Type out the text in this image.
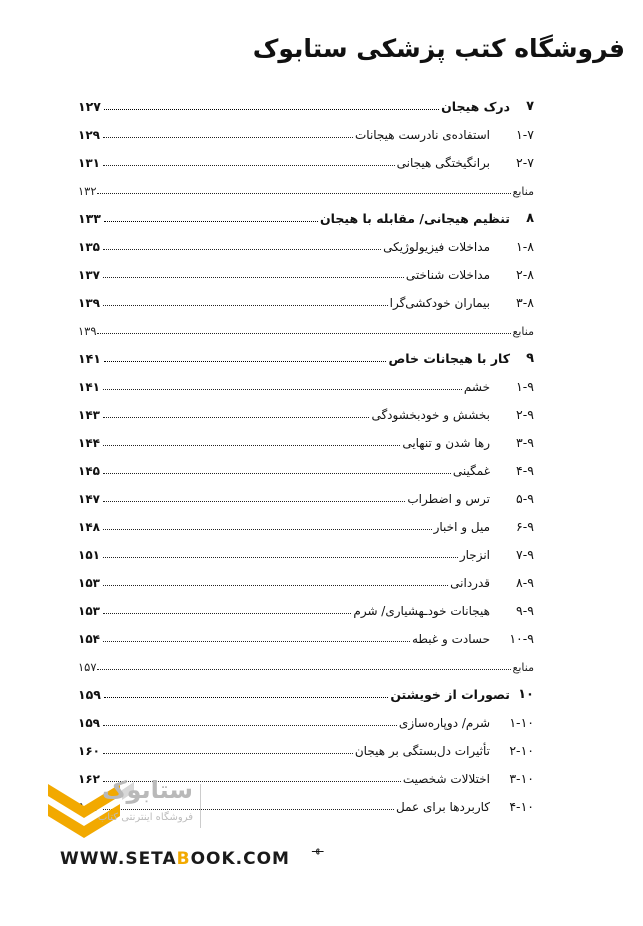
فروشگاه کتب پزشکی ستابوک
۷
درک هیجان
۱۲۷
۱-۷
استفاده‌ی نادرست هیجانات
۱۲۹
۲-۷
برانگیختگی هیجانی
۱۳۱
منابع
۱۳۲
۸
تنظیم هیجانی/ مقابله با هیجان
۱۳۳
۱-۸
مداخلات فیزیولوژیکی
۱۳۵
۲-۸
مداخلات شناختی
۱۳۷
۳-۸
بیماران خودکشی‌گرا
۱۳۹
منابع
۱۳۹
۹
کار با هیجانات خاص
۱۴۱
۱-۹
خشم
۱۴۱
۲-۹
بخشش و خودبخشودگی
۱۴۳
۳-۹
رها شدن و تنهایی
۱۴۴
۴-۹
غمگینی
۱۴۵
۵-۹
ترس و اضطراب
۱۴۷
۶-۹
میل و اخبار
۱۴۸
۷-۹
انزجار
۱۵۱
۸-۹
قدردانی
۱۵۳
۹-۹
هیجانات خودـهشیاری/ شرم
۱۵۳
۱۰-۹
حسادت و غبطه
۱۵۴
منابع
۱۵۷
۱۰
تصورات از خویشتن
۱۵۹
۱-۱۰
شرم/ دوپاره‌سازی
۱۵۹
۲-۱۰
تأثیرات دل‌بستگی بر هیجان
۱۶۰
۳-۱۰
اختلالات شخصیت
۱۶۲
۴-۱۰
کاربردها برای عمل
ستابوک
فروشگاه اینترنتی کتاب
ـهـ
WWW.SETABOOK.COM
